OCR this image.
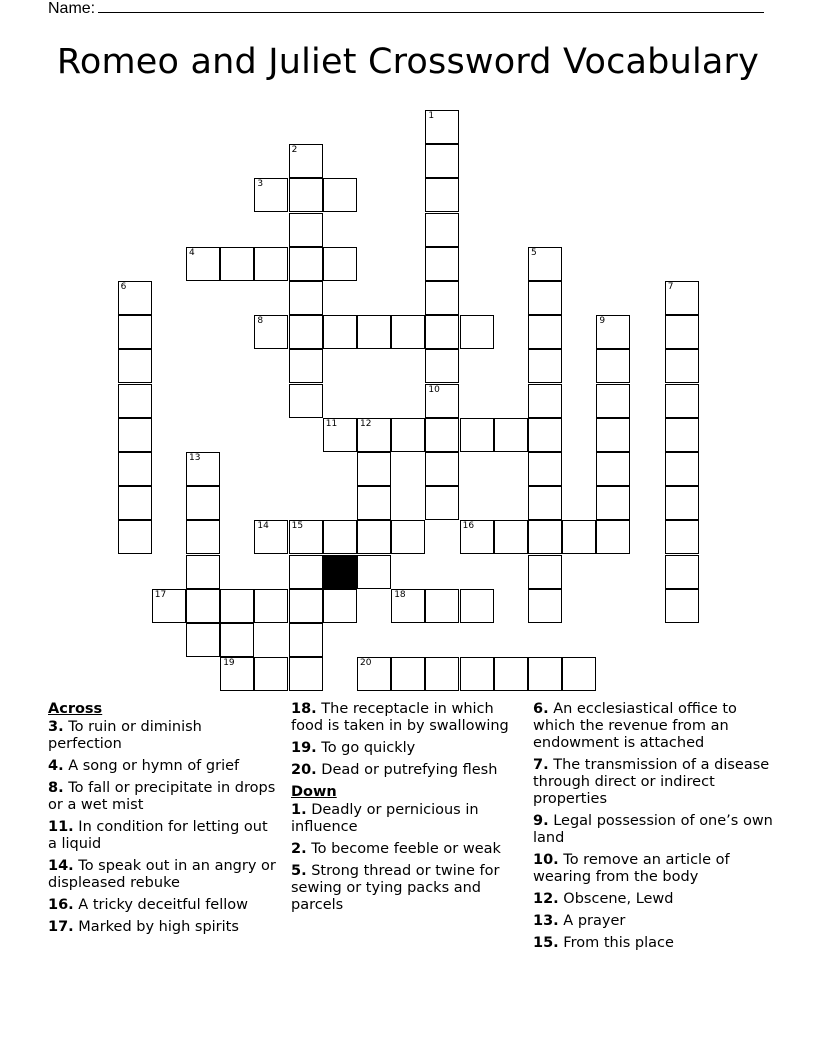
Name:
Romeo and Juliet Crossword Vocabulary
1
10
2
3
4	5
6	7
8	9
11	12
13
14	15	16
17	18
19	20
Across
3. To ruin or diminish perfection
4. A song or hymn of grief
8. To fall or precipitate in drops or a wet mist
11. In condition for letting out a liquid
14. To speak out in an angry or displeased rebuke
16. A tricky deceitful fellow
17. Marked by high spirits
18. The receptacle in which food is taken in by swallowing
19. To go quickly
20. Dead or putrefying flesh
Down
1. Deadly or pernicious in influence
2. To become feeble or weak
5. Strong thread or twine for sewing or tying packs and parcels
6. An ecclesiastical office to which the revenue from an endowment is attached
7. The transmission of a disease through direct or indirect properties
9. Legal possession of one’s own land
10. To remove an article of wearing from the body
12. Obscene, Lewd
13. A prayer
15. From this place
